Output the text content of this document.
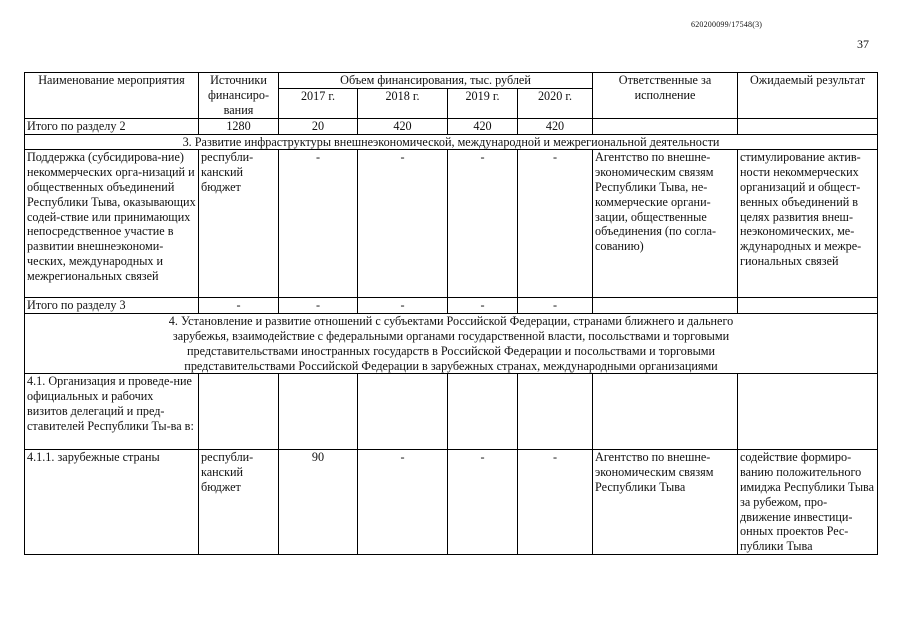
620200099/17548(3)
37
Наименование мероприятия	Источники финансиро-вания	Объем финансирования, тыс. рублей				Ответственные за исполнение	Ожидаемый результат
		2017 г.	2018 г.	2019 г.	2020 г.		
Итого по разделу 2	1280	20	420	420	420		
3. Развитие инфраструктуры внешнеэкономической, международной и межрегиональной деятельности							
Поддержка (субсидирова-ние) некоммерческих орга-низаций и общественных объединений Республики Тыва, оказывающих содей-ствие или принимающих непосредственное участие в развитии внешнеэкономи-ческих, международных и межрегиональных связей	республи-канский бюджет	-	-	-	-	Агентство по внешне-экономическим связям Республики Тыва, не-коммерческие органи-зации, общественные объединения (по согла-сованию)	стимулирование актив-ности некоммерческих организаций и общест-венных объединений в целях развития внеш-неэкономических, ме-ждународных и межре-гиональных связей
Итого по разделу 3	-	-	-	-	-		
4. Установление и развитие отношений с субъектами Российской Федерации, странами ближнего и дальнего зарубежья, взаимодействие с федеральными органами государственной власти, посольствами и торговыми представительствами иностранных государств в Российской Федерации и посольствами и торговыми представительствами Российской Федерации в зарубежных странах, международными организациями							
4.1. Организация и проведе-ние официальных и рабочих визитов делегаций и пред-ставителей Республики Ты-ва в:							
4.1.1. зарубежные страны	республи-канский бюджет	90	-	-	-	Агентство по внешне-экономическим связям Республики Тыва	содействие формиро-ванию положительного имиджа Республики Тыва за рубежом, про-движение инвестици-онных проектов Рес-публики Тыва
